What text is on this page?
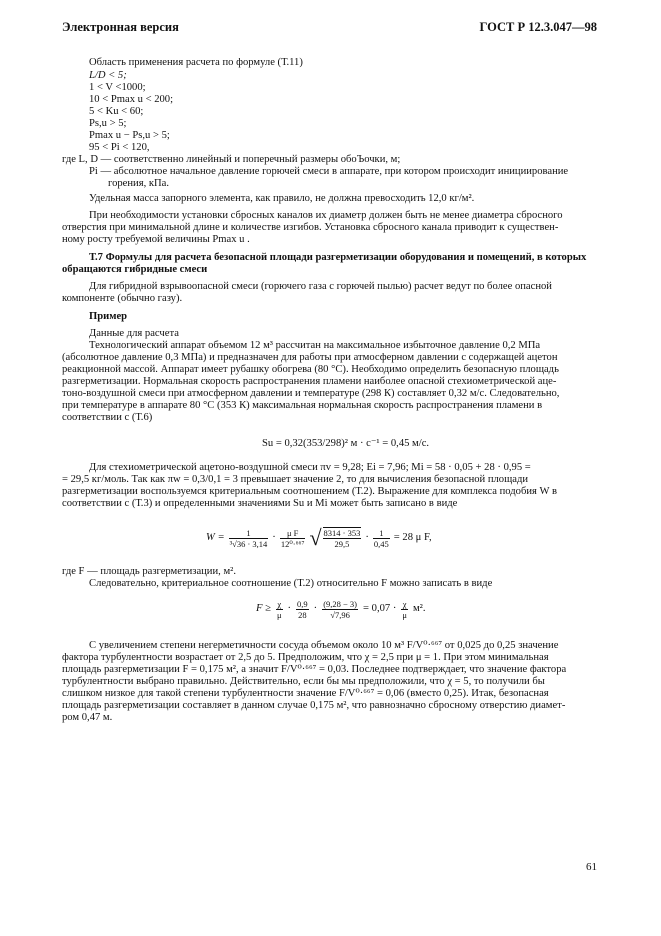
Электронная версия	ГОСТ Р 12.3.047—98
Область применения расчета по формуле (Т.11)
L/D < 5;
1 < V <1000;
10 < Pmax u < 200;
5 < Ku < 60;
Ps,u > 5;
Pmax u − Ps,u > 5;
95 < Pi < 120,
где L, D — соответственно линейный и поперечный размеры обоЪочки, м;
Pi — абсолютное начальное давление горючей смеси в аппарате, при котором происходит инициирование
горения, кПа.
Удельная масса запорного элемента, как правило, не должна превосходить 12,0 кг/м².
При необходимости установки сбросных каналов их диаметр должен быть не менее диаметра сбросного
отверстия при минимальной длине и количестве изгибов. Установка сбросного канала приводит к существен-
ному росту требуемой величины Pmax u .
Т.7 Формулы для расчета безопасной площади разгерметизации оборудования и помещений, в которых
обращаются гибридные смеси
Для гибридной взрывоопасной смеси (горючего газа с горючей пылью) расчет ведут по более опасной
компоненте (обычно газу).
Пример
Данные для расчета
Технологический аппарат объемом 12 м³ рассчитан на максимальное избыточное давление 0,2 МПа
(абсолютное давление 0,3 МПа) и предназначен для работы при атмосферном давлении с содержащей ацетон
реакционной массой. Аппарат имеет рубашку обогрева (80 °С). Необходимо определить безопасную площадь
разгерметизации. Нормальная скорость распространения пламени наиболее опасной стехиометрической аце-
тоно-воздушной смеси при атмосферном давлении и температуре (298 К) составляет 0,32 м/с. Следовательно,
при температуре в аппарате 80 °С (353 К) максимальная нормальная скорость распространения пламени в
соответствии с (Т.6)
Su = 0,32(353/298)² м · с⁻¹ = 0,45 м/с.
Для стехиометрической ацетоно-воздушной смеси πv = 9,28; Ei = 7,96; Mi = 58 · 0,05 + 28 · 0,95 =
= 29,5 кг/моль. Так как πw = 0,3/0,1 = 3 превышает значение 2, то для вычисления безопасной площади
разгерметизации воспользуемся критериальным соотношением (Т.2). Выражение для комплекса подобия W в
соответствии с (Т.3) и определенными значениями Su и Mi может быть записано в виде
$W = \frac{1}{\text{³√36 · 3,14}} \cdot \frac{\text{μ F}}{\text{12⁰·⁶⁶⁷}}$ √ $\frac{8314 \cdot 353}{29,5} \cdot \frac{1}{0,45} = 28$ μ F,
где F — площадь разгерметизации, м².
Следовательно, критериальное соотношение (Т.2) относительно F можно записать в виде
$F \ge \frac{\chi}{\mu} \cdot \frac{0,9}{28} \cdot \frac{(9,28 - 3)}{√7,96} = 0,07 \cdot \frac{\chi}{\mu} м^2$.
С увеличением степени негерметичности сосуда объемом около 10 м³ F/V⁰·⁶⁶⁷ от 0,025 до 0,25 значение
фактора турбулентности возрастает от 2,5 до 5. Предположим, что χ = 2,5 при μ = 1. При этом минимальная
площадь разгерметизации F = 0,175 м², а значит F/V⁰·⁶⁶⁷ = 0,03. Последнее подтверждает, что значение фактора
турбулентности выбрано правильно. Действительно, если бы мы предположили, что χ = 5, то получили бы
слишком низкое для такой степени турбулентности значение F/V⁰·⁶⁶⁷ = 0,06 (вместо 0,25). Итак, безопасная
площадь разгерметизации составляет в данном случае 0,175 м², что равнозначно сбросному отверстию диамет-
ром 0,47 м.
61
